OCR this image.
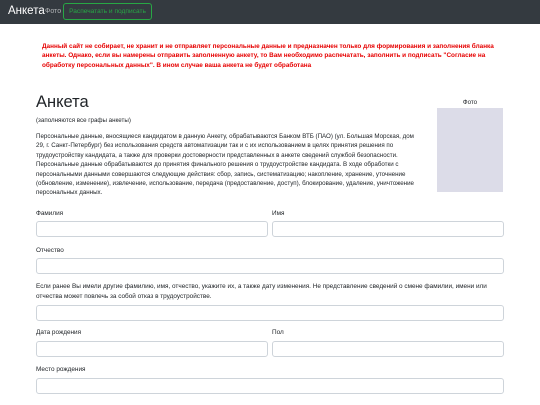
Анкета Фото	Распечатать и подписать
Данный сайт не собирает, не хранит и не отправляет персональные данные и предназначен только для формирования и заполнения бланка анкеты. Однако, если вы намерены отправить заполненную анкету, то Вам необходимо распечатать, заполнить и подписать "Согласие на обработку персональных данных". В ином случае ваша анкета не будет обработана
Анкета
(заполняются все графы анкеты)
Персональные данные, вносящиеся кандидатом в данную Анкету, обрабатываются Банком ВТБ (ПАО) (ул. Большая Морская, дом 29, г. Санкт-Петербург) без использования средств автоматизации так и с их использованием в целях принятия решения по трудоустройству кандидата, а также для проверки достоверности представленных в анкете сведений службой безопасности. Персональные данные обрабатываются до принятия финального решения о трудоустройстве кандидата. В ходе обработки с персональными данными совершаются следующие действия: сбор, запись, систематизацию; накопление, хранение, уточнение (обновление, изменение), извлечение, использование, передача (предоставление, доступ), блокирование, удаление, уничтожение персональных данных.
Фото
Фамилия	Имя
Отчество
Если ранее Вы имели другие фамилию, имя, отчество, укажите их, а также дату изменения. Не представление сведений о смене фамилии, имени или отчества может повлечь за собой отказ в трудоустройстве.
Дата рождения	Пол
Место рождения
